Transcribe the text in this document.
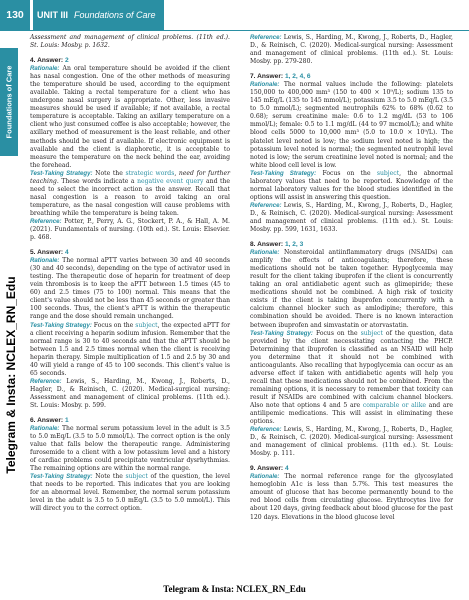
130	UNIT III Foundations of Care
Foundations of Care
Telegram & Insta: NCLEX_RN_Edu

Assessment and management of clinical problems. (11th ed.). St. Louis: Mosby. p. 1632.

4. Answer: 2

Rationale: An oral temperature should be avoided if the client has nasal congestion. One of the other methods of measuring the temperature should be used, according to the equipment available. Taking a rectal temperature for a client who has undergone nasal surgery is appropriate. Other, less invasive measures should be used if available; if not available, a rectal temperature is acceptable. Taking an axillary temperature on a client who just consumed coffee is also acceptable; however, the axillary method of measurement is the least reliable, and other methods should be used if available. If electronic equipment is available and the client is diaphoretic, it is acceptable to measure the temperature on the neck behind the ear, avoiding the forehead.

Test-Taking Strategy: Note the strategic words, need for further teaching. These words indicate a negative event query and the need to select the incorrect action as the answer. Recall that nasal congestion is a reason to avoid taking an oral temperature, as the nasal congestion will cause problems with breathing while the temperature is being taken.

Reference: Potter, P., Perry, A. G., Stockert, P. A., & Hall, A. M. (2021). Fundamentals of nursing. (10th ed.). St. Louis: Elsevier. p. 468.

5. Answer: 4

Rationale: The normal aPTT varies between 30 and 40 seconds (30 and 40 seconds), depending on the type of activator used in testing. The therapeutic dose of heparin for treatment of deep vein thrombosis is to keep the aPTT between 1.5 times (45 to 60) and 2.5 times (75 to 100) normal. This means that the client's value should not be less than 45 seconds or greater than 100 seconds. Thus, the client's aPTT is within the therapeutic range and the dose should remain unchanged.

Test-Taking Strategy: Focus on the subject, the expected aPTT for a client receiving a heparin sodium infusion. Remember that the normal range is 30 to 40 seconds and that the aPTT should be between 1.5 and 2.5 times normal when the client is receiving heparin therapy. Simple multiplication of 1.5 and 2.5 by 30 and 40 will yield a range of 45 to 100 seconds. This client's value is 65 seconds.

Reference: Lewis, S., Harding, M., Kwong, J., Roberts, D., Hagler, D., & Reinisch, C. (2020). Medical-surgical nursing: Assessment and management of clinical problems. (11th ed.). St. Louis: Mosby. p. 599.

6. Answer: 1

Rationale: The normal serum potassium level in the adult is 3.5 to 5.0 mEq/L (3.5 to 5.0 mmol/L). The correct option is the only value that falls below the therapeutic range. Administering furosemide to a client with a low potassium level and a history of cardiac problems could precipitate ventricular dysrhythmias. The remaining options are within the normal range.

Test-Taking Strategy: Note the subject of the question, the level that needs to be reported. This indicates that you are looking for an abnormal level. Remember, the normal serum potassium level in the adult is 3.5 to 5.0 mEq/L (3.5 to 5.0 mmol/L). This will direct you to the correct option.

Reference: Lewis, S., Harding, M., Kwong, J., Roberts, D., Hagler, D., & Reinisch, C. (2020). Medical-surgical nursing: Assessment and management of clinical problems. (11th ed.). St. Louis: Mosby. pp. 279-280.

7. Answer: 1, 2, 4, 6

Rationale: The normal values include the following: platelets 150,000 to 400,000 mm³ (150 to 400 × 10⁹/L); sodium 135 to 145 mEq/L (135 to 145 mmol/L); potassium 3.5 to 5.0 mEq/L (3.5 to 5.0 mmol/L); segmented neutrophils 62% to 68% (0.62 to 0.68); serum creatinine male: 0.6 to 1.2 mg/dL (53 to 106 mmol/L); female: 0.5 to 1.1 mg/dL (44 to 97 mcmol/L); and white blood cells 5000 to 10,000 mm³ (5.0 to 10.0 × 10⁹/L). The platelet level noted is low; the sodium level noted is high; the potassium level noted is normal; the segmented neutrophil level noted is low; the serum creatinine level noted is normal; and the white blood cell level is low.

Test-Taking Strategy: Focus on the subject, the abnormal laboratory values that need to be reported. Knowledge of the normal laboratory values for the blood studies identified in the options will assist in answering this question.

Reference: Lewis, S., Harding, M., Kwong, J., Roberts, D., Hagler, D., & Reinisch, C. (2020). Medical-surgical nursing: Assessment and management of clinical problems. (11th ed.). St. Louis: Mosby. pp. 599, 1631, 1633.

8. Answer: 1, 2, 3

Rationale: Nonsteroidal antiinflammatory drugs (NSAIDs) can amplify the effects of anticoagulants; therefore, these medications should not be taken together. Hypoglycemia may result for the client taking ibuprofen if the client is concurrently taking an oral antidiabetic agent such as glimepiride; these medications should not be combined. A high risk of toxicity exists if the client is taking ibuprofen concurrently with a calcium channel blocker such as amlodipine; therefore, this combination should be avoided. There is no known interaction between ibuprofen and simvastatin or atorvastatin.

Test-Taking Strategy: Focus on the subject of the question, data provided by the client necessitating contacting the PHCP. Determining that ibuprofen is classified as an NSAID will help you determine that it should not be combined with anticoagulants. Also recalling that hypoglycemia can occur as an adverse effect if taken with antidiabetic agents will help you recall that these medications should not be combined. From the remaining options, it is necessary to remember that toxicity can result if NSAIDs are combined with calcium channel blockers. Also note that options 4 and 5 are comparable or alike and are antilipemic medications. This will assist in eliminating these options.

Reference: Lewis, S., Harding, M., Kwong, J., Roberts, D., Hagler, D., & Reinisch, C. (2020). Medical-surgical nursing: Assessment and management of clinical problems. (11th ed.). St. Louis: Mosby. p. 111.

9. Answer: 4

Rationale: The normal reference range for the glycosylated hemoglobin A1c is less than 5.7%. This test measures the amount of glucose that has become permanently bound to the red blood cells from circulating glucose. Erythrocytes live for about 120 days, giving feedback about blood glucose for the past 120 days. Elevations in the blood glucose level

Telegram & Insta: NCLEX_RN_Edu
